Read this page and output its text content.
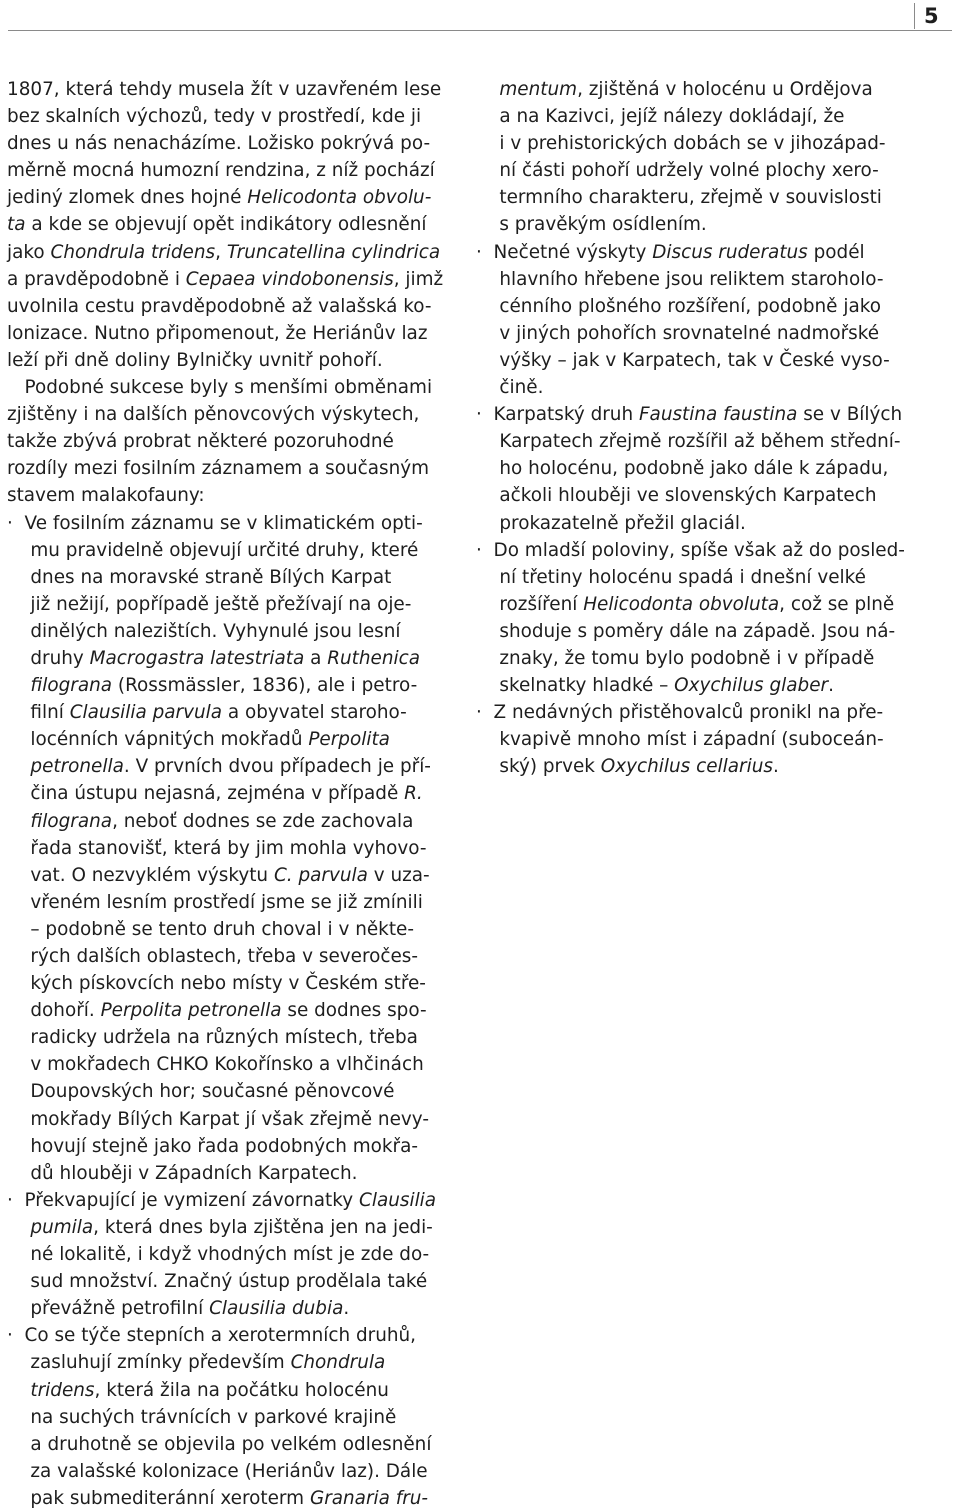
5
1807, která tehdy musela žít v uzavřeném lese
bez skalních výchozů, tedy v prostředí, kde ji
dnes u nás nenacházíme. Ložisko pokrývá po-
měrně mocná humozní rendzina, z níž pochází
jediný zlomek dnes hojné Helicodonta obvolu-
ta a kde se objevují opět indikátory odlesnění
jako Chondrula tridens, Truncatellina cylindrica
a pravděpodobně i Cepaea vindobonensis, jimž
uvolnila cestu pravděpodobně až valašská ko-
lonizace. Nutno připomenout, že Heriánův laz
leží při dně doliny Bylničky uvnitř pohoří.
Podobné sukcese byly s menšími obměnami
zjištěny i na dalších pěnovcových výskytech,
takže zbývá probrat některé pozoruhodné
rozdíly mezi fosilním záznamem a současným
stavem malakofauny:
·  Ve fosilním záznamu se v klimatickém opti-
mu pravidelně objevují určité druhy, které
dnes na moravské straně Bílých Karpat
již nežijí, popřípadě ještě přežívají na oje-
dinělých nalezištích. Vyhynulé jsou lesní
druhy Macrogastra latestriata a Ruthenica
filograna (Rossmässler, 1836), ale i petro-
filní Clausilia parvula a obyvatel staroho-
locénních vápnitých mokřadů Perpolita
petronella. V prvních dvou případech je pří-
čina ústupu nejasná, zejména v případě R.
filograna, neboť dodnes se zde zachovala
řada stanovišť, která by jim mohla vyhovo-
vat. O nezvyklém výskytu C. parvula v uza-
vřeném lesním prostředí jsme se již zmínili
– podobně se tento druh choval i v někte-
rých dalších oblastech, třeba v severočes-
kých pískovcích nebo místy v Českém stře-
dohoří. Perpolita petronella se dodnes spo-
radicky udržela na různých místech, třeba
v mokřadech CHKO Kokořínsko a vlhčinách
Doupovských hor; současné pěnovcové
mokřady Bílých Karpat jí však zřejmě nevy-
hovují stejně jako řada podobných mokřa-
dů hlouběji v Západních Karpatech.
·  Překvapující je vymizení závornatky Clausilia
pumila, která dnes byla zjištěna jen na jedi-
né lokalitě, i když vhodných míst je zde do-
sud množství. Značný ústup prodělala také
převážně petrofilní Clausilia dubia.
·  Co se týče stepních a xerotermních druhů,
zasluhují zmínky především Chondrula
tridens, která žila na počátku holocénu
na suchých trávnících v parkové krajině
a druhotně se objevila po velkém odlesnění
za valašské kolonizace (Heriánův laz). Dále
pak submediteránní xeroterm Granaria fru-
mentum, zjištěná v holocénu u Ordějova
a na Kazivci, jejíž nálezy dokládají, že
i v prehistorických dobách se v jihozápad-
ní části pohoří udržely volné plochy xero-
termního charakteru, zřejmě v souvislosti
s pravěkým osídlením.
·  Nečetné výskyty Discus ruderatus podél
hlavního hřebene jsou reliktem staroholo-
cénního plošného rozšíření, podobně jako
v jiných pohořích srovnatelné nadmořské
výšky – jak v Karpatech, tak v České vyso-
čině.
·  Karpatský druh Faustina faustina se v Bílých
Karpatech zřejmě rozšířil až během střední-
ho holocénu, podobně jako dále k západu,
ačkoli hlouběji ve slovenských Karpatech
prokazatelně přežil glaciál.
·  Do mladší poloviny, spíše však až do posled-
ní třetiny holocénu spadá i dnešní velké
rozšíření Helicodonta obvoluta, což se plně
shoduje s poměry dále na západě. Jsou ná-
znaky, že tomu bylo podobně i v případě
skelnatky hladké – Oxychilus glaber.
·  Z nedávných přistěhovalců pronikl na pře-
kvapivě mnoho míst i západní (suboceán-
ský) prvek Oxychilus cellarius.
